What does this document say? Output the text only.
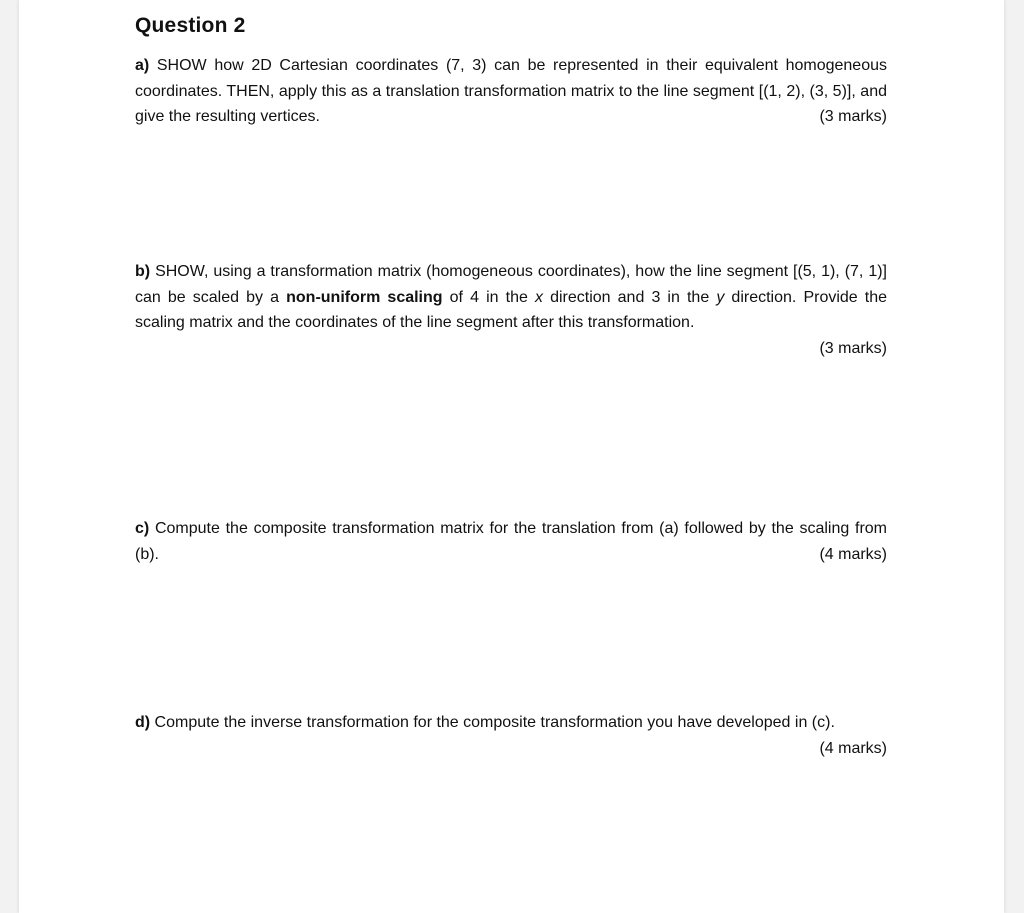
Question 2

a) SHOW how 2D Cartesian coordinates (7, 3) can be represented in their equivalent homogeneous coordinates. THEN, apply this as a translation transformation matrix to the line segment [(1, 2), (3, 5)], and give the resulting vertices.	(3 marks)

b) SHOW, using a transformation matrix (homogeneous coordinates), how the line segment [(5, 1), (7, 1)] can be scaled by a non-uniform scaling of 4 in the x direction and 3 in the y direction. Provide the scaling matrix and the coordinates of the line segment after this transformation.

(3 marks)

c) Compute the composite transformation matrix for the translation from (a) followed by the scaling from (b).	(4 marks)

d) Compute the inverse transformation for the composite transformation you have developed in (c).
(4 marks)
